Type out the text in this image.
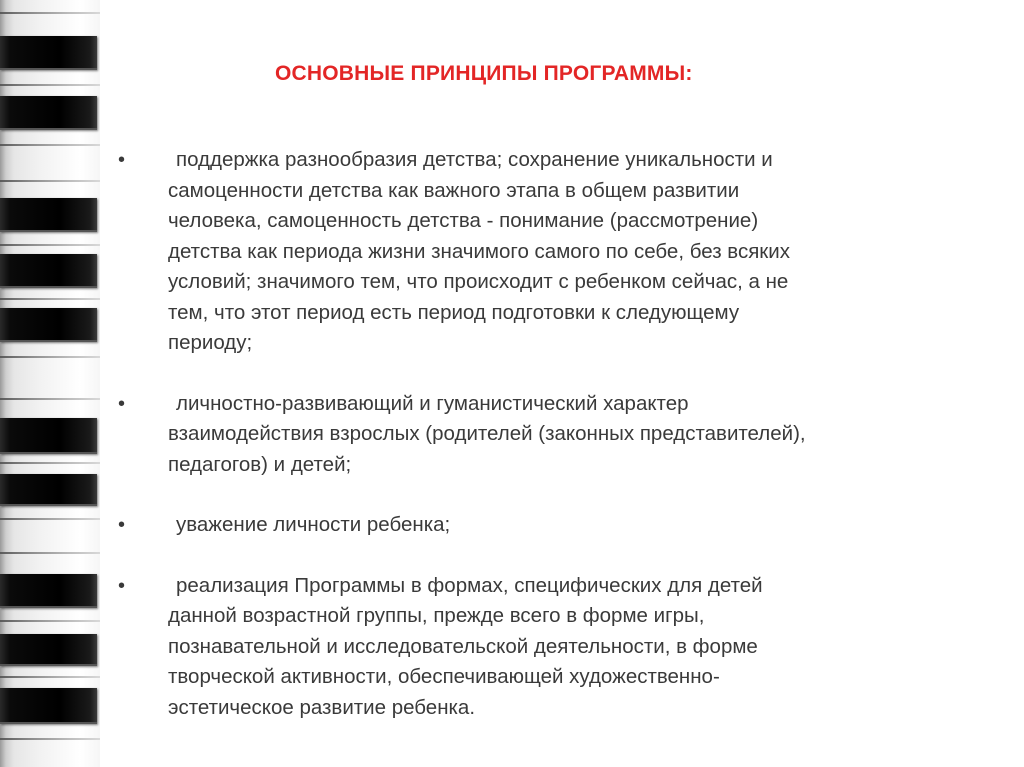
ОСНОВНЫЕ ПРИНЦИПЫ ПРОГРАММЫ:
•	поддержка разнообразия детства; сохранение уникальности и
самоценности детства как важного этапа в общем развитии
человека, самоценность детства - понимание (рассмотрение)
детства как периода жизни значимого самого по себе, без всяких
условий; значимого тем, что происходит с ребенком сейчас, а не
тем, что этот период есть период подготовки к следующему
периоду;
•	личностно-развивающий и гуманистический характер
взаимодействия взрослых (родителей (законных представителей),
педагогов) и детей;
•	уважение личности ребенка;
•	реализация Программы в формах, специфических для детей
данной возрастной группы, прежде всего в форме игры,
познавательной и исследовательской деятельности, в форме
творческой активности, обеспечивающей художественно-
эстетическое развитие ребенка.
